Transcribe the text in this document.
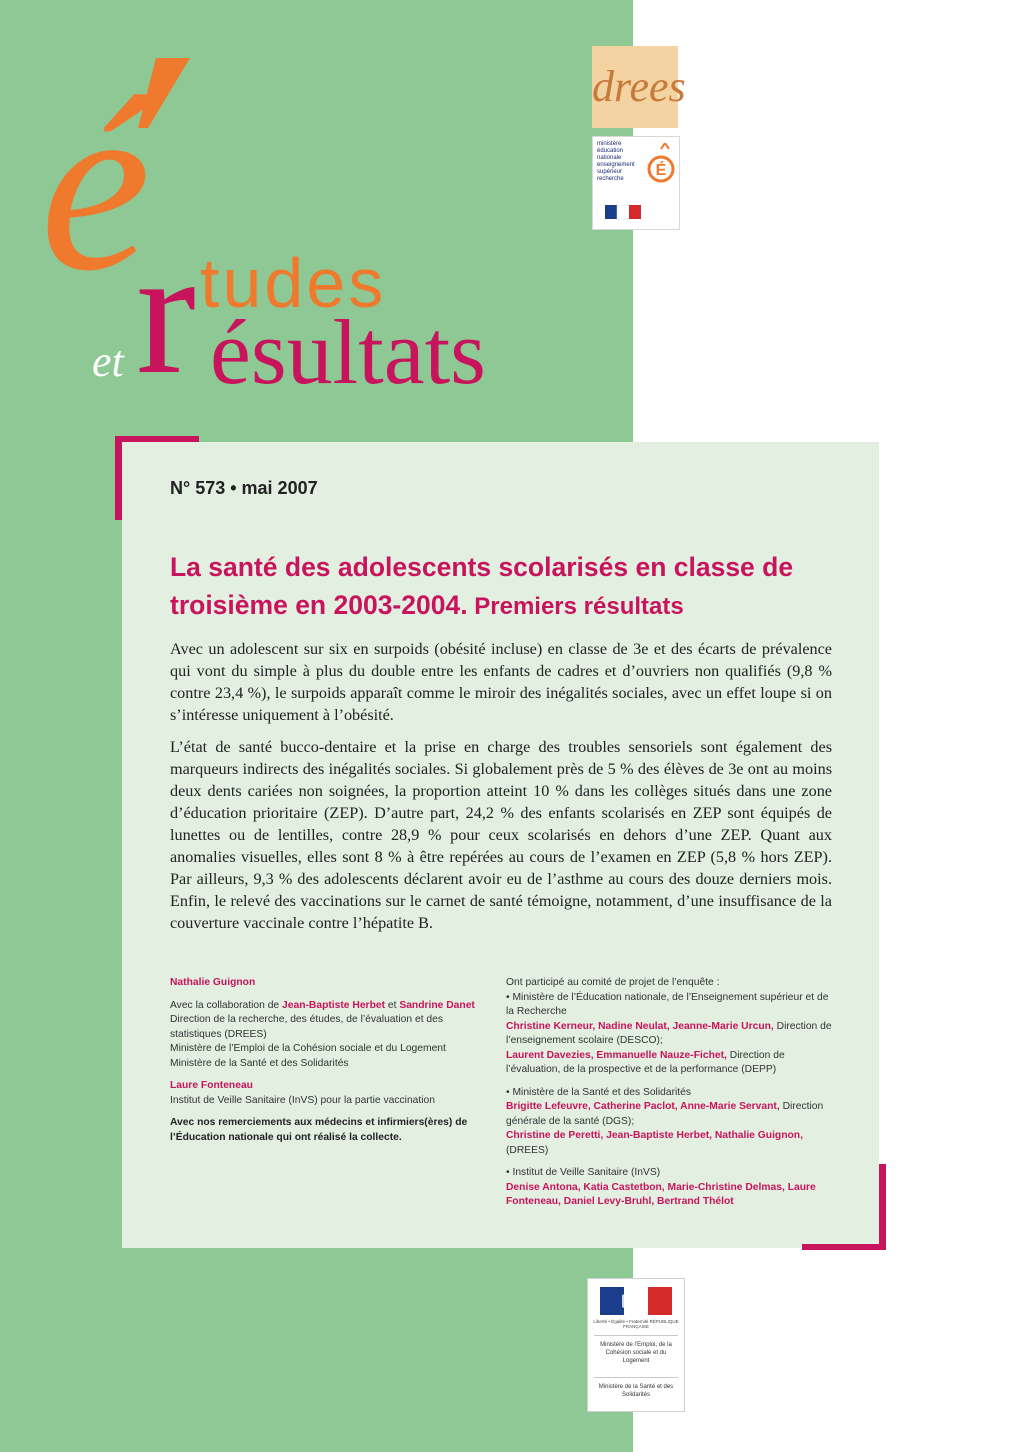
é tudes
r ésultats
et
drees
ministère
éducation
nationale
enseignement
supérieur
recherche	É
N° 573 • mai 2007
La santé des adolescents scolarisés en classe de troisième en 2003-2004. Premiers résultats

Avec un adolescent sur six en surpoids (obésité incluse) en classe de 3e et des écarts de prévalence qui vont du simple à plus du double entre les enfants de cadres et d’ouvriers non qualifiés (9,8 % contre 23,4 %), le surpoids apparaît comme le miroir des inégalités sociales, avec un effet loupe si on s’intéresse uniquement à l’obésité.

L’état de santé bucco-dentaire et la prise en charge des troubles sensoriels sont également des marqueurs indirects des inégalités sociales. Si globalement près de 5 % des élèves de 3e ont au moins deux dents cariées non soignées, la proportion atteint 10 % dans les collèges situés dans une zone d’éducation prioritaire (ZEP). D’autre part, 24,2 % des enfants scolarisés en ZEP sont équipés de lunettes ou de lentilles, contre 28,9 % pour ceux scolarisés en dehors d’une ZEP. Quant aux anomalies visuelles, elles sont 8 % à être repérées au cours de l’examen en ZEP (5,8 % hors ZEP). Par ailleurs, 9,3 % des adolescents déclarent avoir eu de l’asthme au cours des douze derniers mois. Enfin, le relevé des vaccinations sur le carnet de santé témoigne, notamment, d’une insuffisance de la couverture vaccinale contre l’hépatite B.

Nathalie Guignon
Avec la collaboration de Jean-Baptiste Herbet et Sandrine Danet
Direction de la recherche, des études, de l’évaluation et des statistiques (DREES)
Ministère de l’Emploi de la Cohésion sociale et du Logement
Ministère de la Santé et des Solidarités
Laure Fonteneau
Institut de Veille Sanitaire (InVS) pour la partie vaccination
Avec nos remerciements aux médecins et infirmiers(ères) de l’Éducation nationale qui ont réalisé la collecte.
Ont participé au comité de projet de l’enquête :
• Ministère de l’Éducation nationale, de l’Enseignement supérieur et de la Recherche
Christine Kerneur, Nadine Neulat, Jeanne-Marie Urcun, Direction de l’enseignement scolaire (DESCO);
Laurent Davezies, Emmanuelle Nauze-Fichet, Direction de l’évaluation, de la prospective et de la performance (DEPP)
• Ministère de la Santé et des Solidarités
Brigitte Lefeuvre, Catherine Paclot, Anne-Marie Servant, Direction générale de la santé (DGS);
Christine de Peretti, Jean-Baptiste Herbet, Nathalie Guignon, (DREES)
• Institut de Veille Sanitaire (InVS)
Denise Antona, Katia Castetbon, Marie-Christine Delmas, Laure Fonteneau, Daniel Levy-Bruhl, Bertrand Thélot
Liberté • Égalité • Fraternité RÉPUBLIQUE FRANÇAISE
Ministère de l’Emploi, de la Cohésion sociale et du Logement
Ministère de la Santé et des Solidarités
